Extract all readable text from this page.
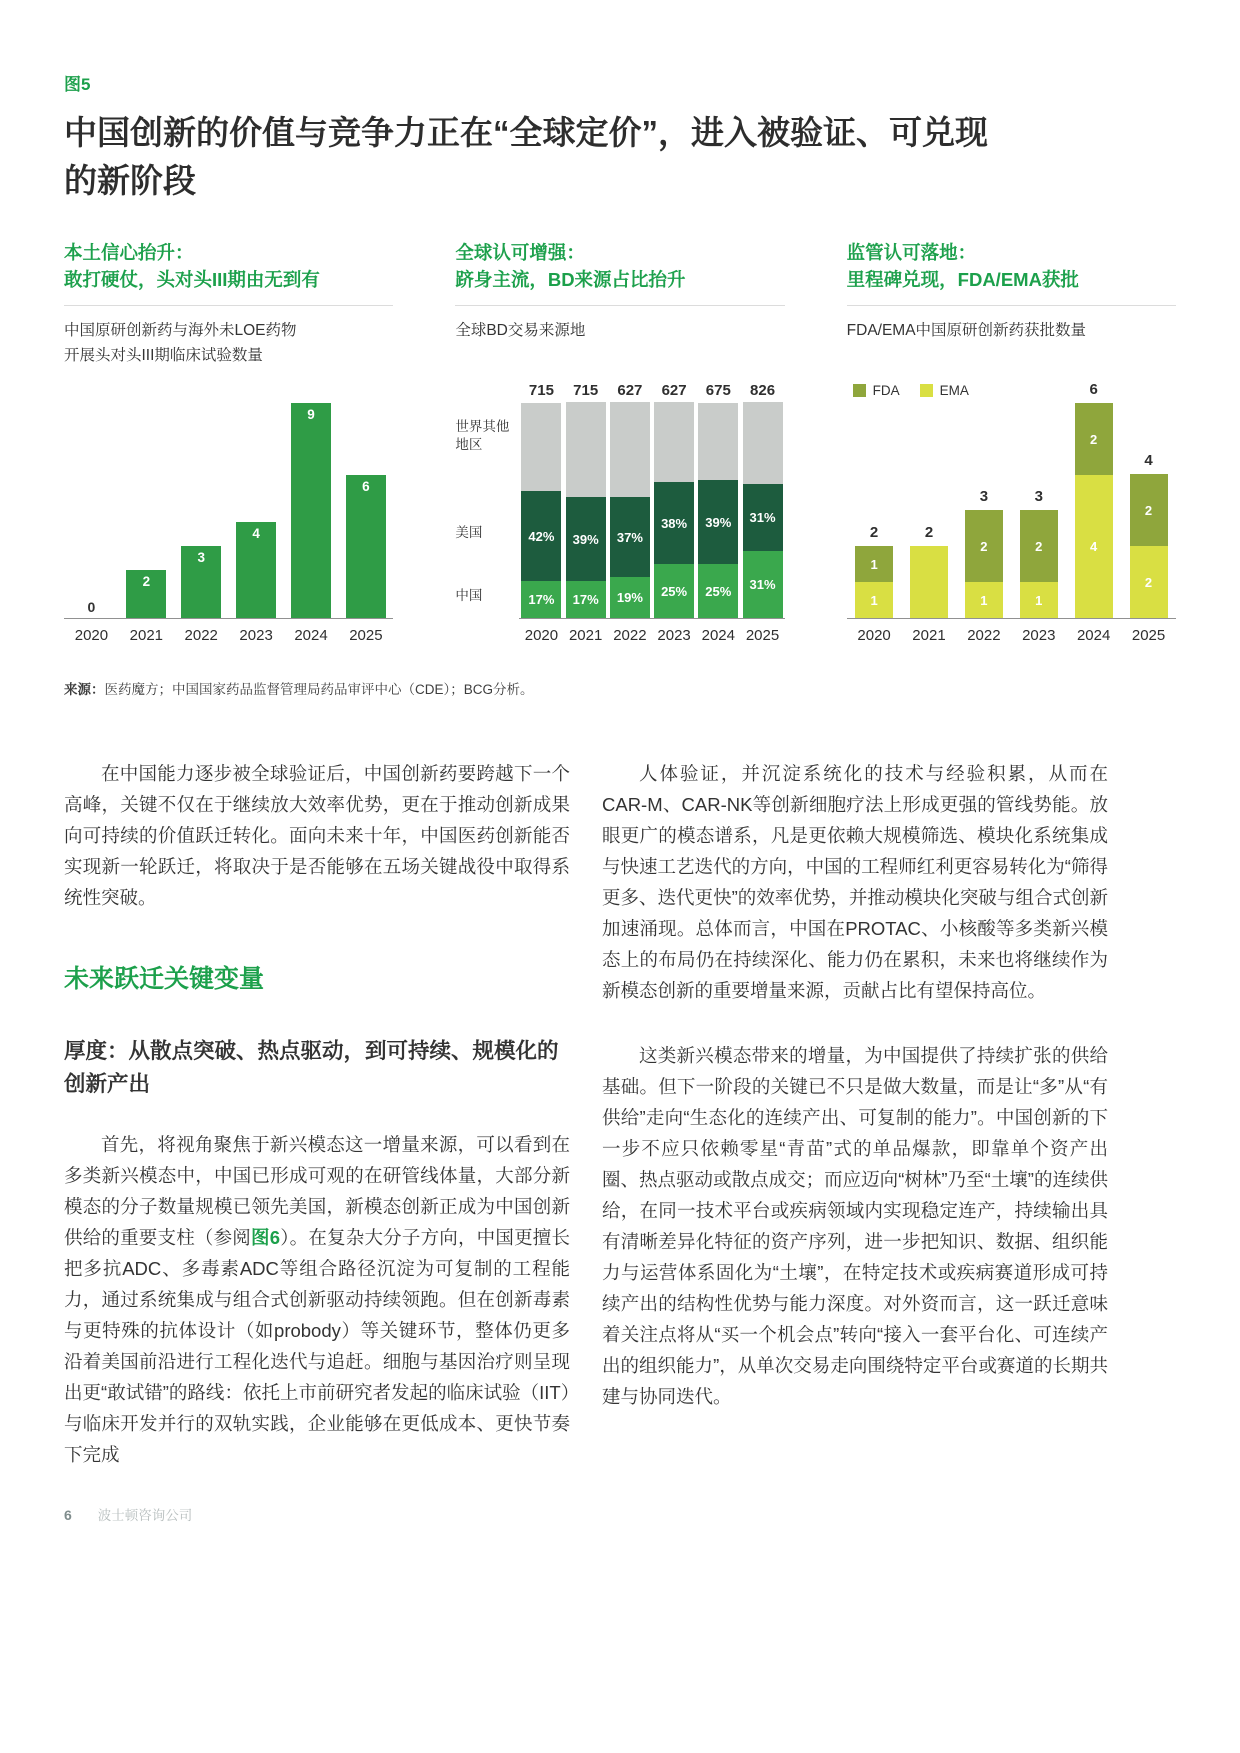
图5
中国创新的价值与竞争力正在“全球定价”，进入被验证、可兑现
的新阶段
本土信心抬升：
敢打硬仗，头对头III期由无到有
中国原研创新药与海外未LOE药物
开展头对头III期临床试验数量
0
2
3
4
9
6
2020	2021	2022	2023	2024	2025
全球认可增强：
跻身主流，BD来源占比抬升
全球BD交易来源地

715	715	627	627	675	826
中国
美国
世界其他地区
42%
17%
39%
17%
37%
19%
38%
25%
39%
25%
31%
31%
2020 2021 2022 2023 2024 2025
监管认可落地：
里程碑兑现，FDA/EMA获批
FDA/EMA中国原研创新药获批数量

FDA	EMA
2
1
1
2
3
2
1
3
2
1
6
2
4
4
2
2
2020	2021	2022	2023	2024	2025
来源：医药魔方；中国国家药品监督管理局药品审评中心（CDE）；BCG分析。

在中国能力逐步被全球验证后，中国创新药要跨越下一个高峰，关键不仅在于继续放大效率优势，更在于推动创新成果向可持续的价值跃迁转化。面向未来十年，中国医药创新能否实现新一轮跃迁，将取决于是否能够在五场关键战役中取得系统性突破。

未来跃迁关键变量
厚度：从散点突破、热点驱动，到可持续、规模化的创新产出

首先，将视角聚焦于新兴模态这一增量来源，可以看到在多类新兴模态中，中国已形成可观的在研管线体量，大部分新模态的分子数量规模已领先美国，新模态创新正成为中国创新供给的重要支柱（参阅图6）。在复杂大分子方向，中国更擅长把多抗ADC、多毒素ADC等组合路径沉淀为可复制的工程能力，通过系统集成与组合式创新驱动持续领跑。但在创新毒素与更特殊的抗体设计（如probody）等关键环节，整体仍更多沿着美国前沿进行工程化迭代与追赶。细胞与基因治疗则呈现出更“敢试错”的路线：依托上市前研究者发起的临床试验（IIT）与临床开发并行的双轨实践，企业能够在更低成本、更快节奏下完成

人体验证，并沉淀系统化的技术与经验积累，从而在CAR-M、CAR-NK等创新细胞疗法上形成更强的管线势能。放眼更广的模态谱系，凡是更依赖大规模筛选、模块化系统集成与快速工艺迭代的方向，中国的工程师红利更容易转化为“筛得更多、迭代更快”的效率优势，并推动模块化突破与组合式创新加速涌现。总体而言，中国在PROTAC、小核酸等多类新兴模态上的布局仍在持续深化、能力仍在累积，未来也将继续作为新模态创新的重要增量来源，贡献占比有望保持高位。

这类新兴模态带来的增量，为中国提供了持续扩张的供给基础。但下一阶段的关键已不只是做大数量，而是让“多”从“有供给”走向“生态化的连续产出、可复制的能力”。中国创新的下一步不应只依赖零星“青苗”式的单品爆款，即靠单个资产出圈、热点驱动或散点成交；而应迈向“树林”乃至“土壤”的连续供给，在同一技术平台或疾病领域内实现稳定连产，持续输出具有清晰差异化特征的资产序列，进一步把知识、数据、组织能力与运营体系固化为“土壤”，在特定技术或疾病赛道形成可持续产出的结构性优势与能力深度。对外资而言，这一跃迁意味着关注点将从“买一个机会点”转向“接入一套平台化、可连续产出的组织能力”，从单次交易走向围绕特定平台或赛道的长期共建与协同迭代。

6 波士顿咨询公司
